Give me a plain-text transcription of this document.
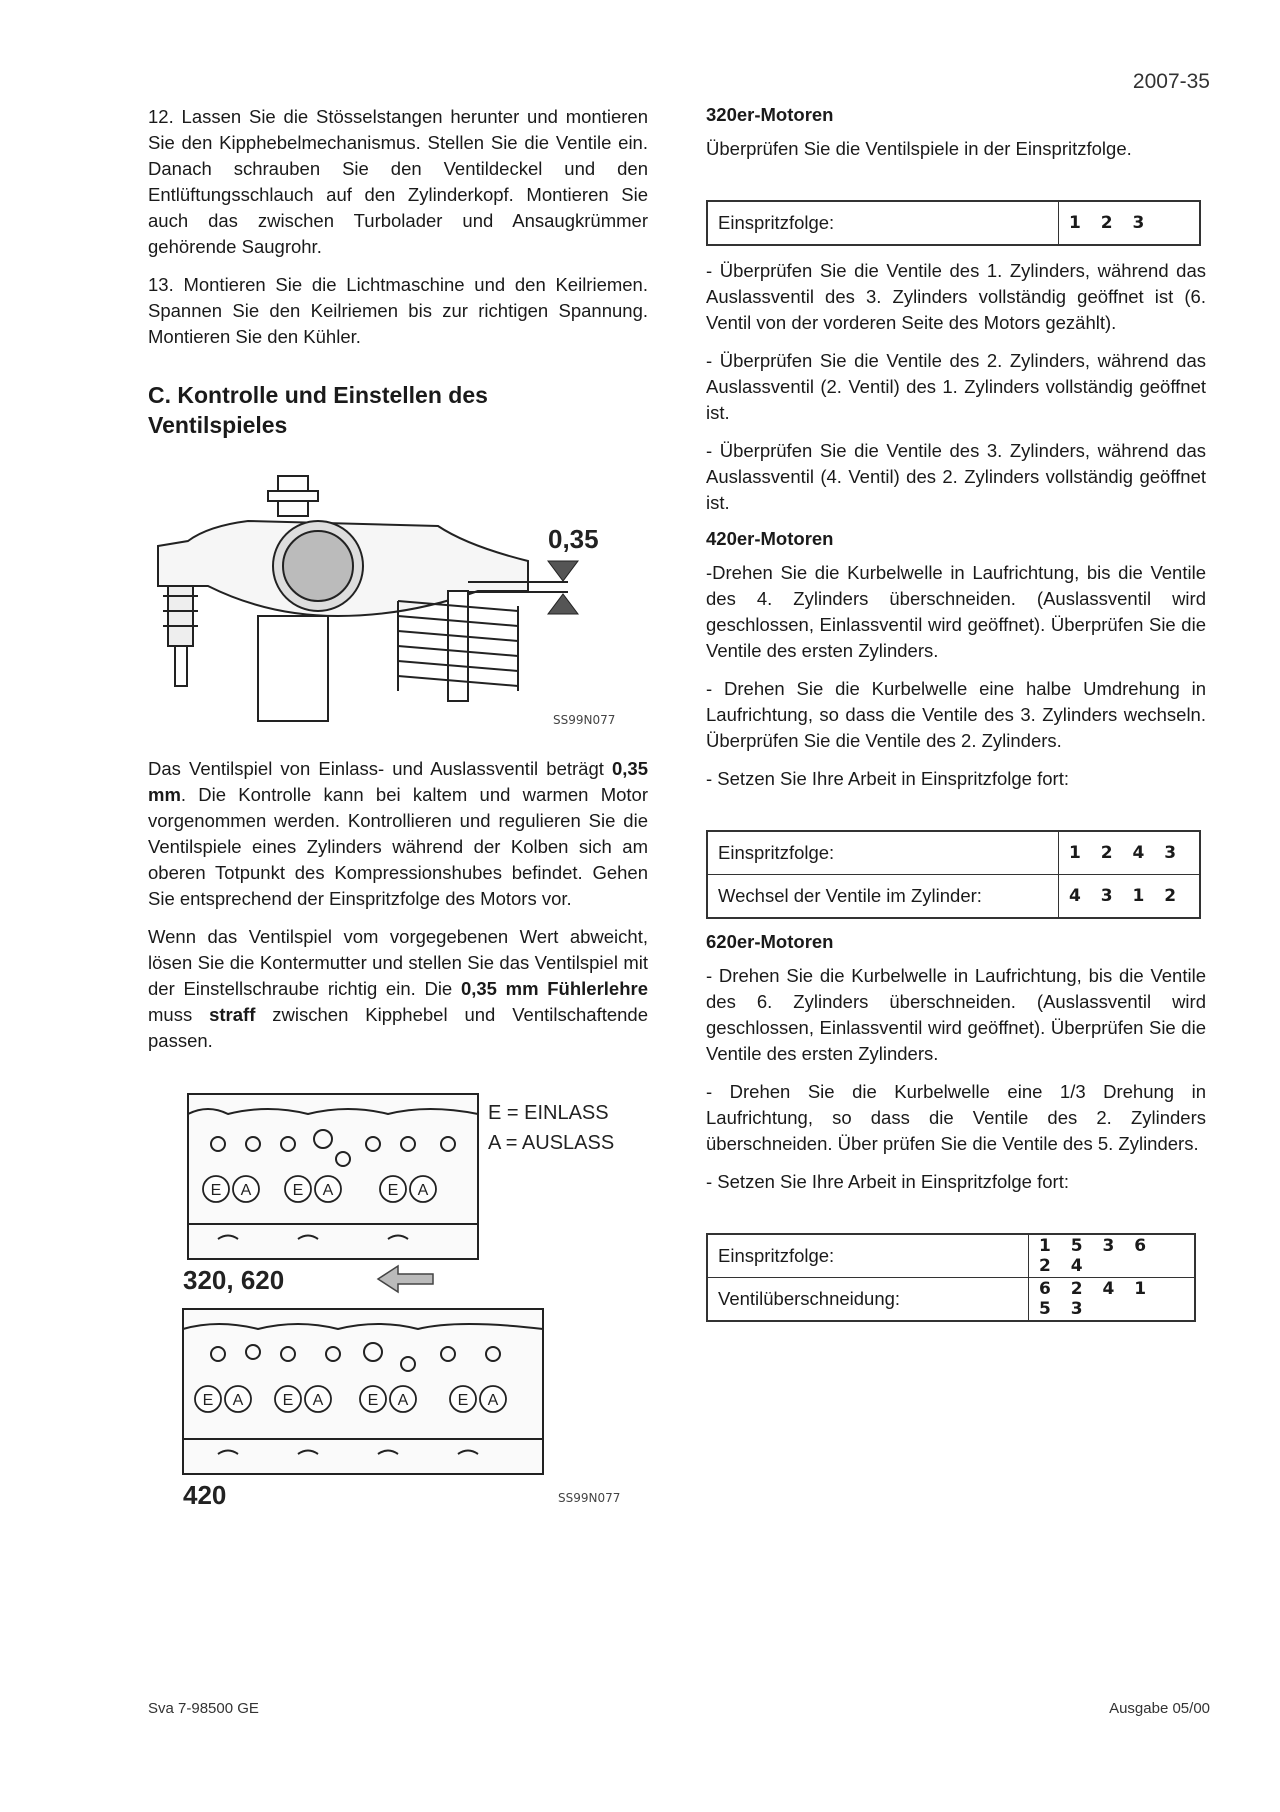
2007-35

12. Lassen Sie die Stösselstangen herunter und montieren Sie den Kipphebelmechanismus. Stellen Sie die Ventile ein. Danach schrauben Sie den Ventildeckel und den Entlüftungsschlauch auf den Zylinderkopf. Montieren Sie auch das zwischen Turbolader und Ansaugkrümmer gehörende Saugrohr.

13. Montieren Sie die Lichtmaschine und den Keilriemen. Spannen Sie den Keilriemen bis zur richtigen Spannung. Montieren Sie den Kühler.

C. Kontrolle und Einstellen des
Ventilspieles
0,35
SS99N077

Das Ventilspiel von Einlass- und Auslassventil beträgt 0,35 mm. Die Kontrolle kann bei kaltem und warmen Motor vorgenommen werden. Kontrollieren und regulieren Sie die Ventilspiele eines Zylinders während der Kolben sich am oberen Totpunkt des Kompressionshubes befindet. Gehen Sie entsprechend der Einspritzfolge des Motors vor.

Wenn das Ventilspiel vom vorgegebenen Wert abweicht, lösen Sie die Kontermutter und stellen Sie das Ventilspiel mit der Einstellschraube richtig ein. Die 0,35 mm Fühlerlehre muss straff zwischen Kipphebel und Ventilschaftende passen.

E A	E A	E A
E A E A	E A	E A
E = EINLASS
A = AUSLASS
320, 620
420	SS99N077
320er-Motoren

Überprüfen Sie die Ventilspiele in der Einspritzfolge.

Einspritzfolge:	1 2 3

- Überprüfen Sie die Ventile des 1. Zylinders, während das Auslassventil des 3. Zylinders vollständig geöffnet ist (6. Ventil von der vorderen Seite des Motors gezählt).

- Überprüfen Sie die Ventile des 2. Zylinders, während das Auslassventil (2. Ventil) des 1. Zylinders vollständig geöffnet ist.

- Überprüfen Sie die Ventile des 3. Zylinders, während das Auslassventil (4. Ventil) des 2. Zylinders vollständig geöffnet ist.

420er-Motoren

-Drehen Sie die Kurbelwelle in Laufrichtung, bis die Ventile des 4. Zylinders überschneiden. (Auslassventil wird geschlossen, Einlassventil wird geöffnet). Überprüfen Sie die Ventile des ersten Zylinders.

- Drehen Sie die Kurbelwelle eine halbe Umdrehung in Laufrichtung, so dass die Ventile des 3. Zylinders wechseln. Überprüfen Sie die Ventile des 2. Zylinders.

- Setzen Sie Ihre Arbeit in Einspritzfolge fort:

Einspritzfolge:	1 2 4 3
Wechsel der Ventile im Zylinder:	4 3 1 2
620er-Motoren

- Drehen Sie die Kurbelwelle in Laufrichtung, bis die Ventile des 6. Zylinders überschneiden. (Auslassventil wird geschlossen, Einlassventil wird geöffnet). Überprüfen Sie die Ventile des ersten Zylinders.

- Drehen Sie die Kurbelwelle eine 1/3 Drehung in Laufrichtung, so dass die Ventile des 2. Zylinders überschneiden. Über prüfen Sie die Ventile des 5. Zylinders.

- Setzen Sie Ihre Arbeit in Einspritzfolge fort:

Einspritzfolge:	1 5 3 6 2 4
Ventilüberschneidung:	6 2 4 1 5 3
Sva 7-98500 GE	Ausgabe 05/00
